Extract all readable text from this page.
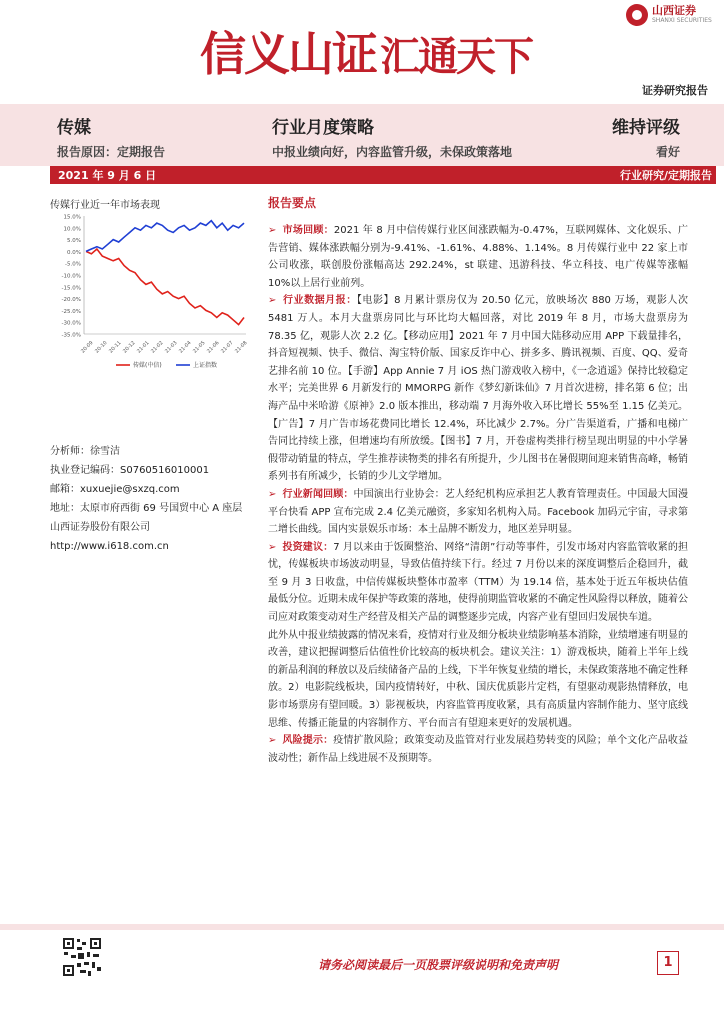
信义山证 汇通天下
山西证券
SHANXI SECURITIES
证券研究报告
传媒	行业月度策略	维持评级
报告原因：定期报告	中报业绩向好，内容监管升级，未保政策落地	看好
2021 年 9 月 6 日	行业研究/定期报告
传媒行业近一年市场表现
15.0%
10.0%
5.0%
0.0%
-5.0%
-10.0%
-15.0%
-20.0%
-25.0%
-30.0%
-35.0%
20-09 20-10 20-11 20-12 21-01 21-02 21-03 21-04 21-05 21-06 21-07 21-08
传媒(中信)	上证指数
分析师：徐雪洁
执业登记编码：S0760516010001
邮箱：xuxuejie@sxzq.com
地址：太原市府西街 69 号国贸中心 A 座层
山西证券股份有限公司
http://www.i618.com.cn
报告要点

➢ 市场回顾：2021 年 8 月中信传媒行业区间涨跌幅为-0.47%，互联网媒体、文化娱乐、广告营销、媒体涨跌幅分别为-9.41%、-1.61%、4.88%、1.14%。8 月传媒行业中 22 家上市公司收涨，联创股份涨幅高达 292.24%，st 联建、迅游科技、华立科技、电广传媒等涨幅 10%以上居行业前列。

➢ 行业数据月报：【电影】8 月累计票房仅为 20.50 亿元，放映场次 880 万场，观影人次 5481 万人。本月大盘票房同比与环比均大幅回落，对比 2019 年 8 月，市场大盘票房为 78.35 亿，观影人次 2.2 亿。【移动应用】2021 年 7 月中国大陆移动应用 APP 下载量排名，抖音短视频、快手、微信、淘宝特价版、国家反诈中心、拼多多、腾讯视频、百度、QQ、爱奇艺排名前 10 位。【手游】App Annie 7 月 iOS 热门游戏收入榜中，《一念逍遥》保持比较稳定水平；完美世界 6 月新发行的 MMORPG 新作《梦幻新诛仙》7 月首次进榜，排名第 6 位；出海产品中米哈游《原神》2.0 版本推出，移动端 7 月海外收入环比增长 55%至 1.15 亿美元。【广告】7 月广告市场花费同比增长 12.4%，环比减少 2.7%。分广告渠道看，广播和电梯广告同比持续上涨，但增速均有所放缓。【图书】7 月，开卷虚构类排行榜呈现出明显的中小学暑假带动销量的特点，学生推荐读物类的排名有所提升，少儿图书在暑假期间迎来销售高峰，畅销系列书有所减少，长销的少儿文学增加。

➢ 行业新闻回顾：中国演出行业协会：艺人经纪机构应承担艺人教育管理责任。中国最大国漫平台快看 APP 宣布完成 2.4 亿美元融资，多家知名机构入局。Facebook 加码元宇宙，寻求第二增长曲线。国内实景娱乐市场：本土品牌不断发力，地区差异明显。

➢ 投资建议：7 月以来由于饭圈整治、网络“清朗”行动等事件，引发市场对内容监管收紧的担忧，传媒板块市场波动明显，导致估值持续下行。经过 7 月份以来的深度调整后企稳回升，截至 9 月 3 日收盘，中信传媒板块整体市盈率（TTM）为 19.14 倍，基本处于近五年板块估值最低分位。近期未成年保护等政策的落地，使得前期监管收紧的不确定性风险得以释放，随着公司应对政策变动对生产经营及相关产品的调整逐步完成，内容产业有望回归发展快车道。

此外从中报业绩披露的情况来看，疫情对行业及细分板块业绩影响基本消除，业绩增速有明显的改善，建议把握调整后估值性价比较高的板块机会。建议关注：1）游戏板块，随着上半年上线的新品利润的释放以及后续储备产品的上线，下半年恢复业绩的增长，未保政策落地不确定性释放。2）电影院线板块，国内疫情转好，中秋、国庆优质影片定档，有望驱动观影热情释放，电影市场票房有望回暖。3）影视板块，内容监管再度收紧，具有高质量内容制作能力、坚守底线思维、传播正能量的内容制作方、平台而言有望迎来更好的发展机遇。

➢ 风险提示：疫情扩散风险；政策变动及监管对行业发展趋势转变的风险；单个文化产品收益波动性；新作品上线进展不及预期等。

请务必阅读最后一页股票评级说明和免责声明	1
